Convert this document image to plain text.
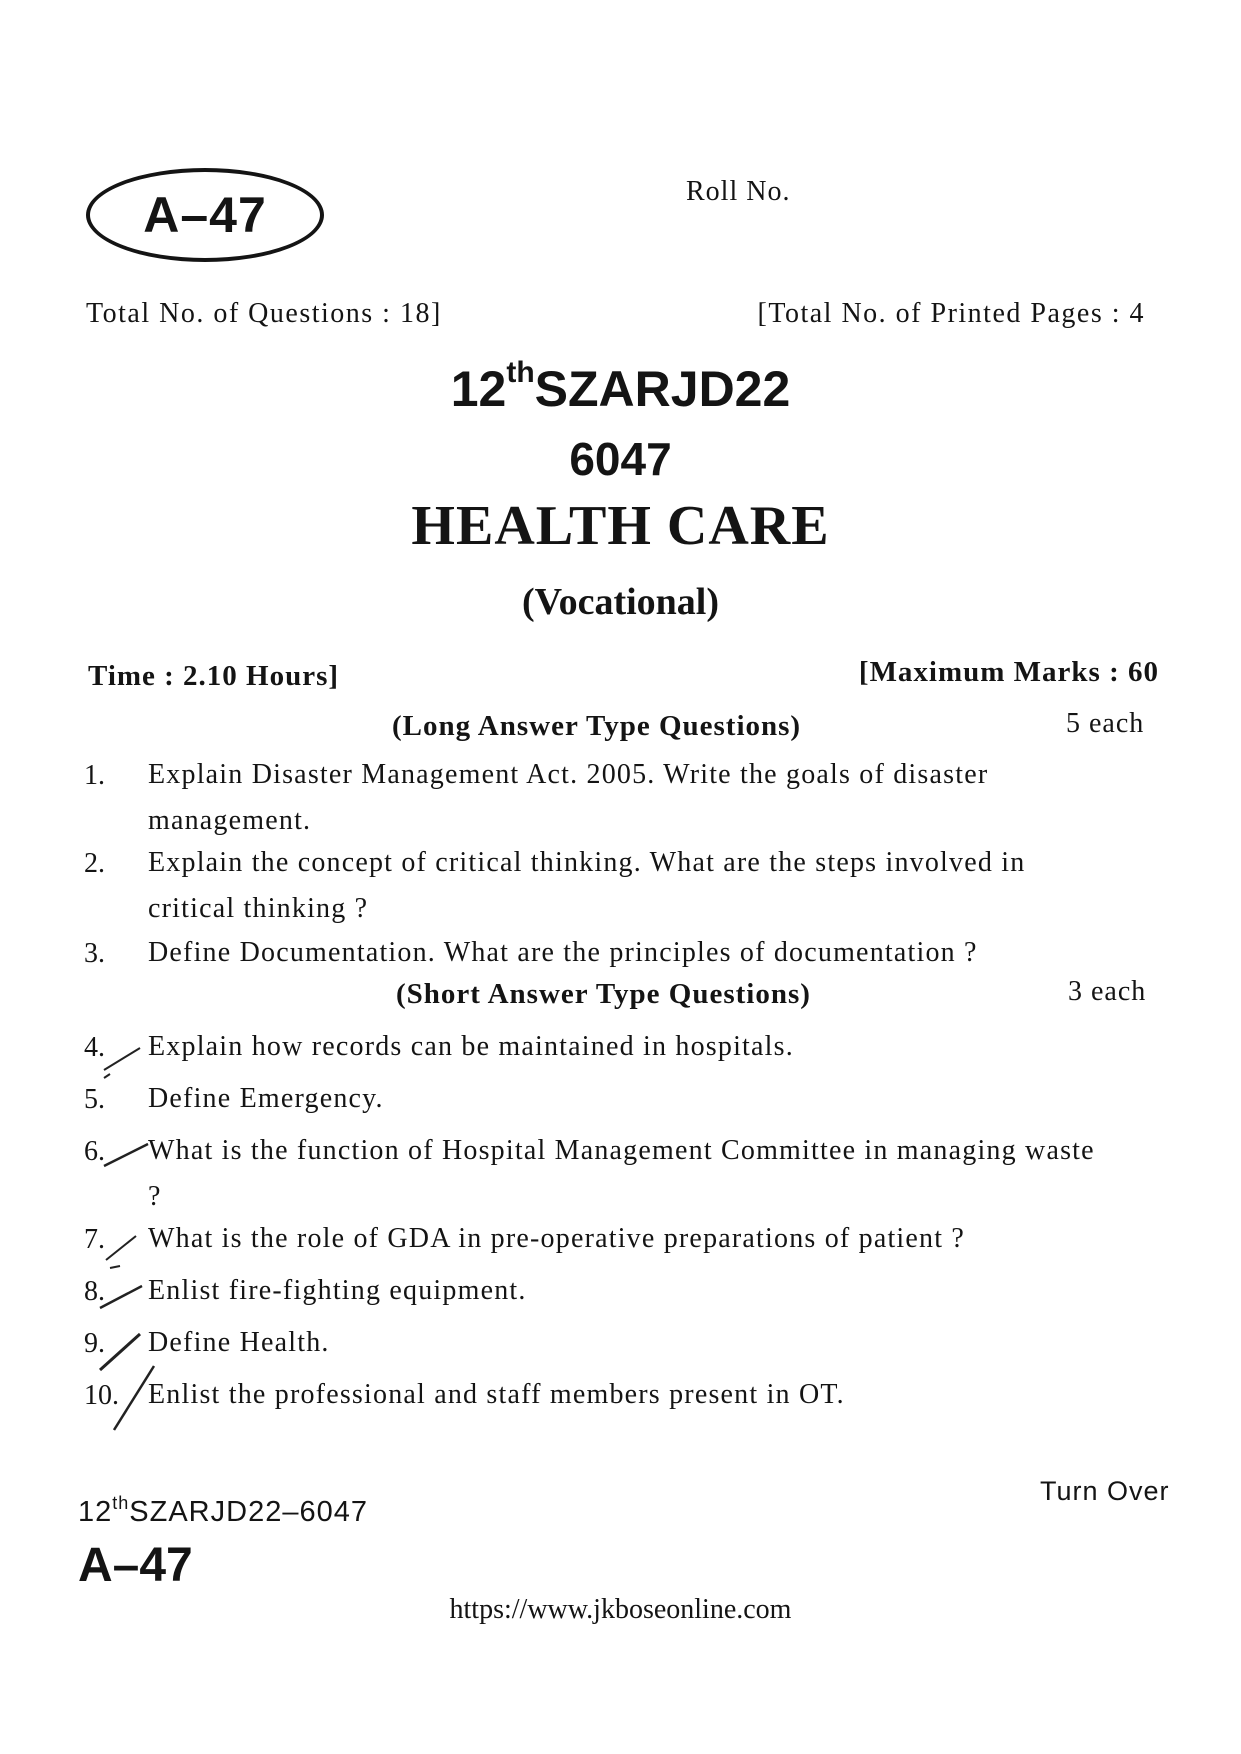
A–47	Roll No.
Total No. of Questions : 18]	[Total No. of Printed Pages : 4
12thSZARJD22
6047
HEALTH CARE
(Vocational)
Time : 2.10 Hours]	[Maximum Marks : 60
(Long Answer Type Questions)	5 each
1.	Explain Disaster Management Act. 2005. Write the goals of disaster management.
2.	Explain the concept of critical thinking. What are the steps involved in critical thinking ?
3.	Define Documentation. What are the principles of documentation ?
(Short Answer Type Questions)	3 each
4.	Explain how records can be maintained in hospitals.
5.	Define Emergency.
6.	What is the function of Hospital Management Committee in managing waste ?
7.	What is the role of GDA in pre-operative preparations of patient ?
8.	Enlist fire-fighting equipment.
9.	Define Health.
10.	Enlist the professional and staff members present in OT.
12thSZARJD22–6047
A–47
Turn Over
https://www.jkboseonline.com
